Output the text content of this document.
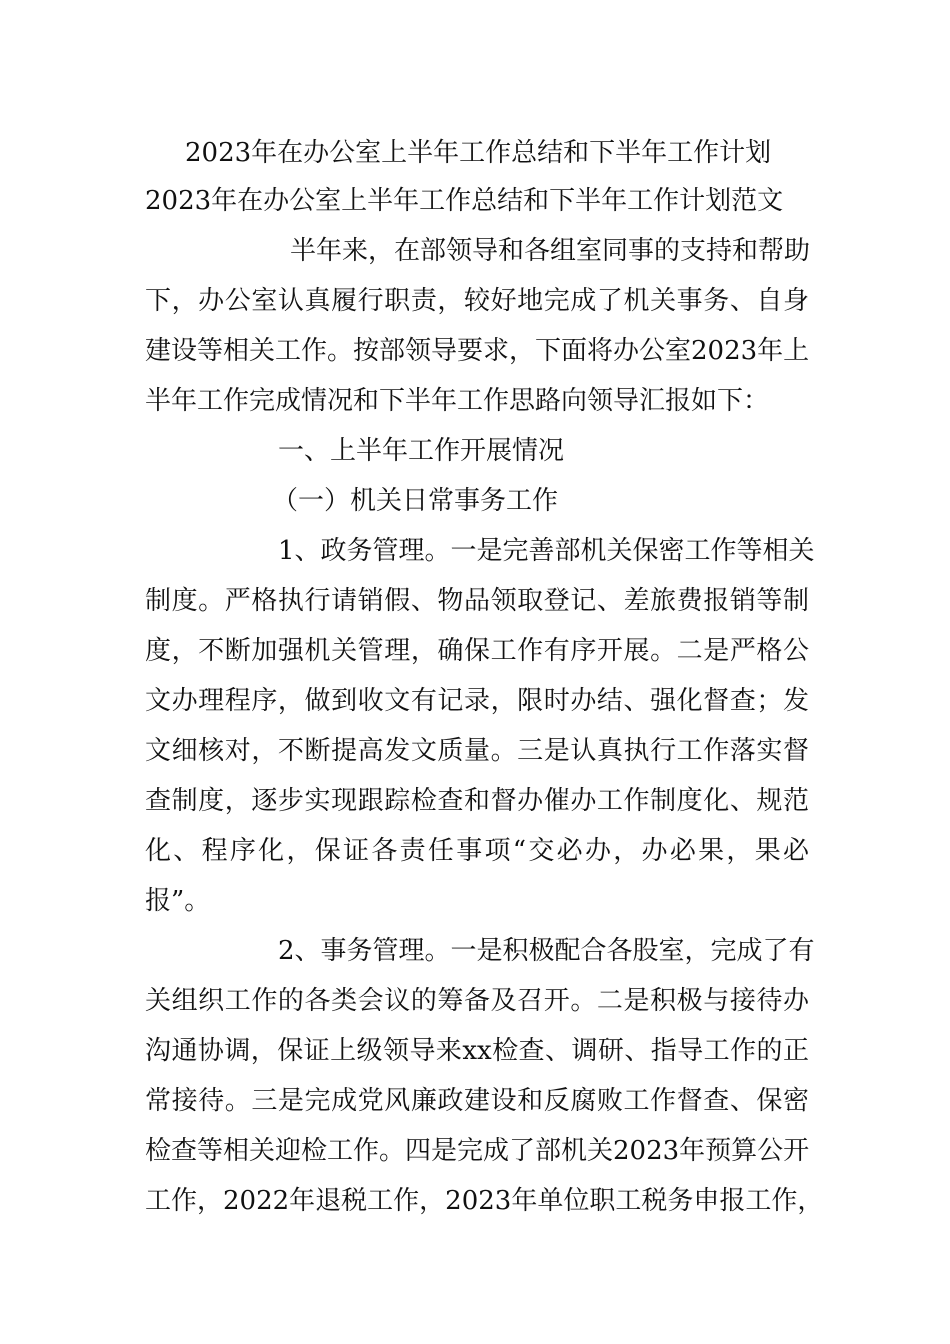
2023年在办公室上半年工作总结和下半年工作计划
2023年在办公室上半年工作总结和下半年工作计划范文
半年来，在部领导和各组室同事的支持和帮助
下，办公室认真履行职责，较好地完成了机关事务、自身
建设等相关工作。按部领导要求，下面将办公室2023年上
半年工作完成情况和下半年工作思路向领导汇报如下：
一、上半年工作开展情况
（一）机关日常事务工作
1、政务管理。一是完善部机关保密工作等相关
制度。严格执行请销假、物品领取登记、差旅费报销等制
度，不断加强机关管理，确保工作有序开展。二是严格公
文办理程序，做到收文有记录，限时办结、强化督查；发
文细核对，不断提高发文质量。三是认真执行工作落实督
查制度，逐步实现跟踪检查和督办催办工作制度化、规范
化、程序化，保证各责任事项“交必办，办必果，果必
报”。
2、事务管理。一是积极配合各股室，完成了有
关组织工作的各类会议的筹备及召开。二是积极与接待办
沟通协调，保证上级领导来xx检查、调研、指导工作的正
常接待。三是完成党风廉政建设和反腐败工作督查、保密
检查等相关迎检工作。四是完成了部机关2023年预算公开
工作，2022年退税工作，2023年单位职工税务申报工作，
